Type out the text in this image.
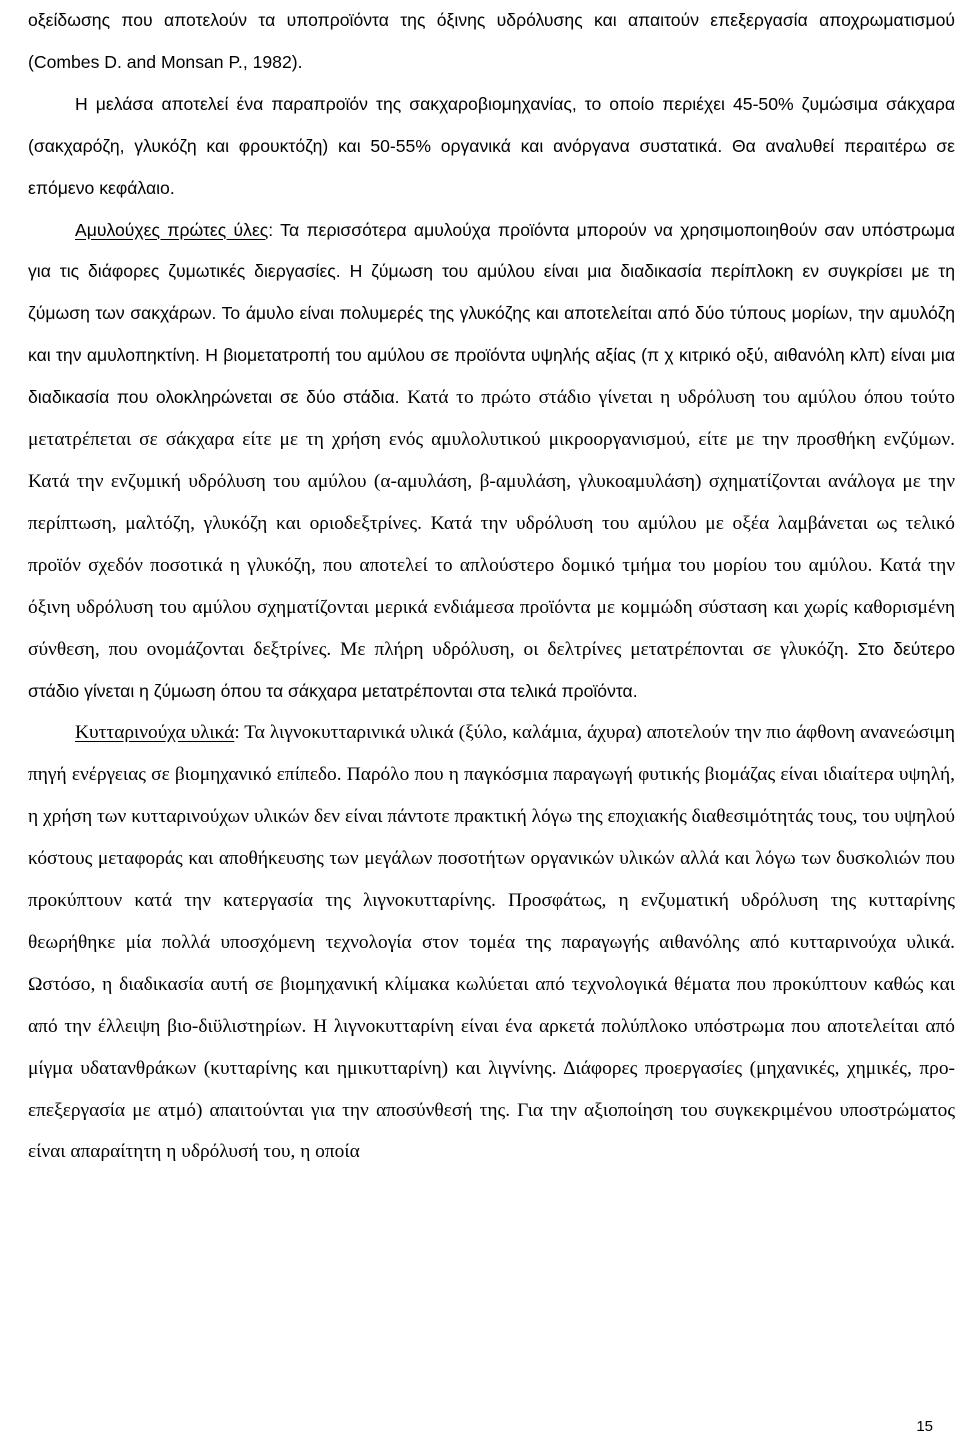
οξείδωσης που αποτελούν τα υποπροϊόντα της όξινης υδρόλυσης και απαιτούν επεξεργασία αποχρωματισμού (Combes D. and Monsan P., 1982).

Η μελάσα αποτελεί ένα παραπροϊόν της σακχαροβιομηχανίας, το οποίο περιέχει 45-50% ζυμώσιμα σάκχαρα (σακχαρόζη, γλυκόζη και φρουκτόζη) και 50-55% οργανικά και ανόργανα συστατικά. Θα αναλυθεί περαιτέρω σε επόμενο κεφάλαιο.

Αμυλούχες πρώτες ύλες: Τα περισσότερα αμυλούχα προϊόντα μπορούν να χρησιμοποιηθούν σαν υπόστρωμα για τις διάφορες ζυμωτικές διεργασίες. Η ζύμωση του αμύλου είναι μια διαδικασία περίπλοκη εν συγκρίσει με τη ζύμωση των σακχάρων. Το άμυλο είναι πολυμερές της γλυκόζης και αποτελείται από δύο τύπους μορίων, την αμυλόζη και την αμυλοπηκτίνη. Η βιομετατροπή του αμύλου σε προϊόντα υψηλής αξίας (π χ κιτρικό οξύ, αιθανόλη κλπ) είναι μια διαδικασία που ολοκληρώνεται σε δύο στάδια. Κατά το πρώτο στάδιο γίνεται η υδρόλυση του αμύλου όπου τούτο μετατρέπεται σε σάκχαρα είτε με τη χρήση ενός αμυλολυτικού μικροοργανισμού, είτε με την προσθήκη ενζύμων. Κατά την ενζυμική υδρόλυση του αμύλου (α-αμυλάση, β-αμυλάση, γλυκοαμυλάση) σχηματίζονται ανάλογα με την περίπτωση, μαλτόζη, γλυκόζη και οριοδεξτρίνες. Κατά την υδρόλυση του αμύλου με οξέα λαμβάνεται ως τελικό προϊόν σχεδόν ποσοτικά η γλυκόζη, που αποτελεί το απλούστερο δομικό τμήμα του μορίου του αμύλου. Κατά την όξινη υδρόλυση του αμύλου σχηματίζονται μερικά ενδιάμεσα προϊόντα με κομμώδη σύσταση και χωρίς καθορισμένη σύνθεση, που ονομάζονται δεξτρίνες. Με πλήρη υδρόλυση, οι δελτρίνες μετατρέπονται σε γλυκόζη. Στο δεύτερο στάδιο γίνεται η ζύμωση όπου τα σάκχαρα μετατρέπονται στα τελικά προϊόντα.

Κυτταρινούχα υλικά: Τα λιγνοκυτταρινικά υλικά (ξύλο, καλάμια, άχυρα) αποτελούν την πιο άφθονη ανανεώσιμη πηγή ενέργειας σε βιομηχανικό επίπεδο. Παρόλο που η παγκόσμια παραγωγή φυτικής βιομάζας είναι ιδιαίτερα υψηλή, η χρήση των κυτταρινούχων υλικών δεν είναι πάντοτε πρακτική λόγω της εποχιακής διαθεσιμότητάς τους, του υψηλού κόστους μεταφοράς και αποθήκευσης των μεγάλων ποσοτήτων οργανικών υλικών αλλά και λόγω των δυσκολιών που προκύπτουν κατά την κατεργασία της λιγνοκυτταρίνης. Προσφάτως, η ενζυματική υδρόλυση της κυτταρίνης θεωρήθηκε μία πολλά υποσχόμενη τεχνολογία στον τομέα της παραγωγής αιθανόλης από κυτταρινούχα υλικά. Ωστόσο, η διαδικασία αυτή σε βιομηχανική κλίμακα κωλύεται από τεχνολογικά θέματα που προκύπτουν καθώς και από την έλλειψη βιο-διϋλιστηρίων. Η λιγνοκυτταρίνη είναι ένα αρκετά πολύπλοκο υπόστρωμα που αποτελείται από μίγμα υδατανθράκων (κυτταρίνης και ημικυτταρίνη) και λιγνίνης. Διάφορες προεργασίες (μηχανικές, χημικές, προ-επεξεργασία με ατμό) απαιτούνται για την αποσύνθεσή της. Για την αξιοποίηση του συγκεκριμένου υποστρώματος είναι απαραίτητη η υδρόλυσή του, η οποία

15
